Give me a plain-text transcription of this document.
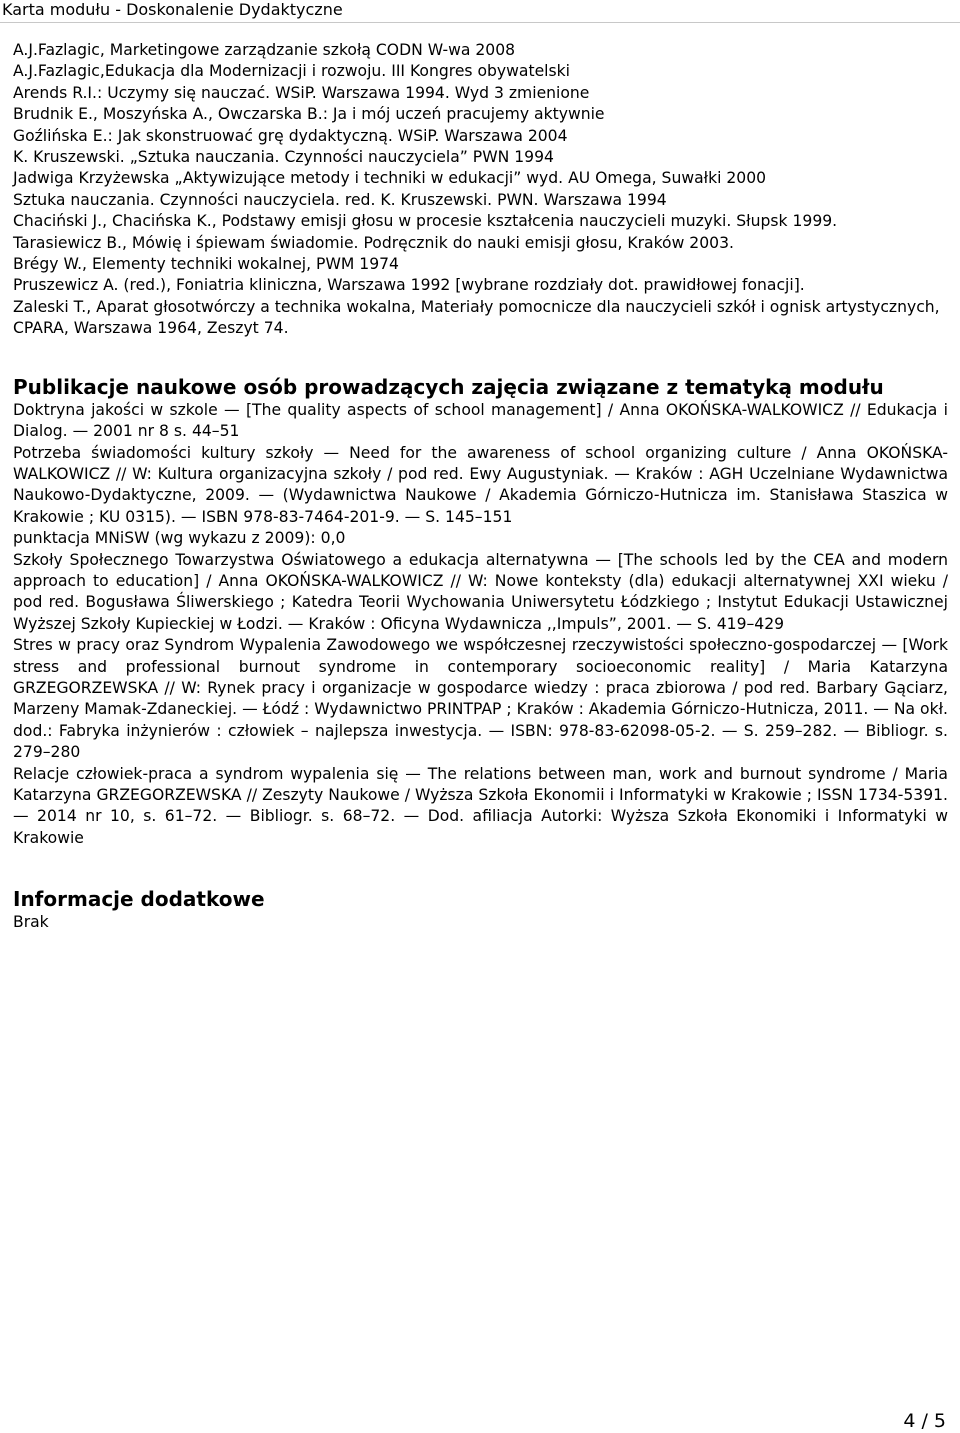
Karta modułu - Doskonalenie Dydaktyczne
A.J.Fazlagic, Marketingowe zarządzanie szkołą CODN W-wa 2008
A.J.Fazlagic,Edukacja dla Modernizacji i rozwoju. III Kongres obywatelski
Arends R.I.: Uczymy się nauczać. WSiP. Warszawa 1994. Wyd 3 zmienione
Brudnik E., Moszyńska A., Owczarska B.: Ja i mój uczeń pracujemy aktywnie
Goźlińska E.: Jak skonstruować grę dydaktyczną. WSiP. Warszawa 2004
K. Kruszewski. „Sztuka nauczania. Czynności nauczyciela” PWN 1994
Jadwiga Krzyżewska „Aktywizujące metody i techniki w edukacji” wyd. AU Omega, Suwałki 2000
Sztuka nauczania. Czynności nauczyciela. red. K. Kruszewski. PWN. Warszawa 1994
Chaciński J., Chacińska K., Podstawy emisji głosu w procesie kształcenia nauczycieli muzyki. Słupsk 1999.
Tarasiewicz B., Mówię i śpiewam świadomie. Podręcznik do nauki emisji głosu, Kraków 2003.
Brégy W., Elementy techniki wokalnej, PWM 1974
Pruszewicz A. (red.), Foniatria kliniczna, Warszawa 1992 [wybrane rozdziały dot. prawidłowej fonacji].
Zaleski T., Aparat głosotwórczy a technika wokalna, Materiały pomocnicze dla nauczycieli szkół i ognisk artystycznych, CPARA, Warszawa 1964, Zeszyt 74.
Publikacje naukowe osób prowadzących zajęcia związane z tematyką modułu
Doktryna jakości w szkole — [The quality aspects of school management] / Anna OKOŃSKA-WALKOWICZ // Edukacja i Dialog. — 2001 nr 8 s. 44–51
Potrzeba świadomości kultury szkoły — Need for the awareness of school organizing culture / Anna OKOŃSKA-WALKOWICZ // W: Kultura organizacyjna szkoły / pod red. Ewy Augustyniak. — Kraków : AGH Uczelniane Wydawnictwa Naukowo-Dydaktyczne, 2009. — (Wydawnictwa Naukowe / Akademia Górniczo-Hutnicza im. Stanisława Staszica w Krakowie ; KU 0315). — ISBN 978-83-7464-201-9. — S. 145–151
punktacja MNiSW (wg wykazu z 2009): 0,0
Szkoły Społecznego Towarzystwa Oświatowego a edukacja alternatywna — [The schools led by the CEA and modern approach to education] / Anna OKOŃSKA-WALKOWICZ // W: Nowe konteksty (dla) edukacji alternatywnej XXI wieku / pod red. Bogusława Śliwerskiego ; Katedra Teorii Wychowania Uniwersytetu Łódzkiego ; Instytut Edukacji Ustawicznej Wyższej Szkoły Kupieckiej w Łodzi. — Kraków : Oficyna Wydawnicza ,,Impuls”, 2001. — S. 419–429
Stres w pracy oraz Syndrom Wypalenia Zawodowego we współczesnej rzeczywistości społeczno-gospodarczej — [Work stress and professional burnout syndrome in contemporary socioeconomic reality] / Maria Katarzyna GRZEGORZEWSKA // W: Rynek pracy i organizacje w gospodarce wiedzy : praca zbiorowa / pod red. Barbary Gąciarz, Marzeny Mamak-Zdaneckiej. — Łódź : Wydawnictwo PRINTPAP ; Kraków : Akademia Górniczo-Hutnicza, 2011. — Na okł. dod.: Fabryka inżynierów : człowiek – najlepsza inwestycja. — ISBN: 978-83-62098-05-2. — S. 259–282. — Bibliogr. s. 279–280
Relacje człowiek-praca a syndrom wypalenia się — The relations between man, work and burnout syndrome / Maria Katarzyna GRZEGORZEWSKA // Zeszyty Naukowe / Wyższa Szkoła Ekonomii i Informatyki w Krakowie ; ISSN 1734-5391. — 2014 nr 10, s. 61–72. — Bibliogr. s. 68–72. — Dod. afiliacja Autorki: Wyższa Szkoła Ekonomiki i Informatyki w Krakowie
Informacje dodatkowe
Brak
4 / 5
